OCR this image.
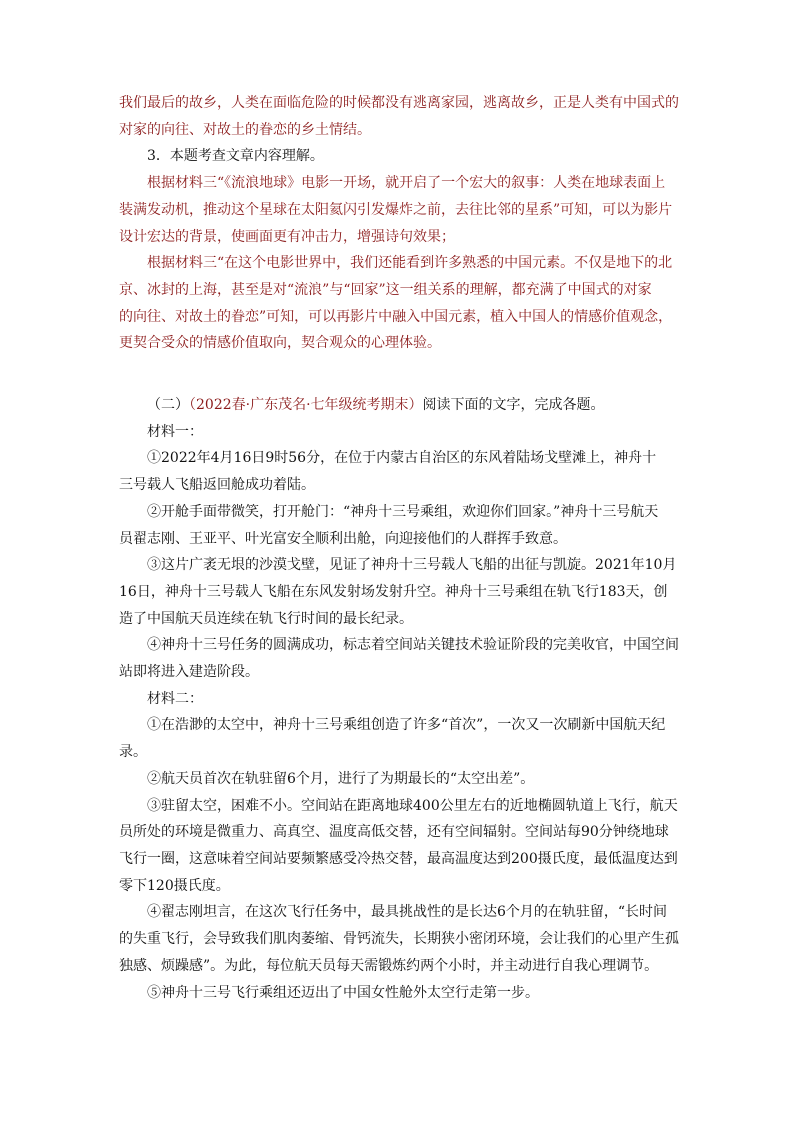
我们最后的故乡，人类在面临危险的时候都没有逃离家园，逃离故乡，正是人类有中国式的

对家的向往、对故土的眷恋的乡土情结。

3．本题考查文章内容理解。

根据材料三“《流浪地球》电影一开场，就开启了一个宏大的叙事：人类在地球表面上

装满发动机，推动这个星球在太阳氦闪引发爆炸之前，去往比邻的星系”可知，可以为影片

设计宏达的背景，使画面更有冲击力，增强诗句效果；

根据材料三“在这个电影世界中，我们还能看到许多熟悉的中国元素。不仅是地下的北

京、冰封的上海，甚至是对“流浪”与“回家”这一组关系的理解，都充满了中国式的对家

的向往、对故土的眷恋”可知，可以再影片中融入中国元素，植入中国人的情感价值观念，

更契合受众的情感价值取向，契合观众的心理体验。

（二）（2022春·广东茂名·七年级统考期末）阅读下面的文字，完成各题。

材料一：

①2022年4月16日9时56分，在位于内蒙古自治区的东风着陆场戈壁滩上，神舟十

三号载人飞船返回舱成功着陆。

②开舱手面带微笑，打开舱门：“神舟十三号乘组，欢迎你们回家。”神舟十三号航天

员翟志刚、王亚平、叶光富安全顺利出舱，向迎接他们的人群挥手致意。

③这片广袤无垠的沙漠戈壁，见证了神舟十三号载人飞船的出征与凯旋。2021年10月

16日，神舟十三号载人飞船在东风发射场发射升空。神舟十三号乘组在轨飞行183天，创

造了中国航天员连续在轨飞行时间的最长纪录。

④神舟十三号任务的圆满成功，标志着空间站关键技术验证阶段的完美收官，中国空间

站即将进入建造阶段。

材料二：

①在浩渺的太空中，神舟十三号乘组创造了许多“首次”，一次又一次刷新中国航天纪

录。

②航天员首次在轨驻留6个月，进行了为期最长的“太空出差”。

③驻留太空，困难不小。空间站在距离地球400公里左右的近地椭圆轨道上飞行，航天

员所处的环境是微重力、高真空、温度高低交替，还有空间辐射。空间站每90分钟绕地球

飞行一圈，这意味着空间站要频繁感受冷热交替，最高温度达到200摄氏度，最低温度达到

零下120摄氏度。

④翟志刚坦言，在这次飞行任务中，最具挑战性的是长达6个月的在轨驻留，“长时间

的失重飞行，会导致我们肌肉萎缩、骨钙流失，长期狭小密闭环境，会让我们的心里产生孤

独感、烦躁感”。为此，每位航天员每天需锻炼约两个小时，并主动进行自我心理调节。

⑤神舟十三号飞行乘组还迈出了中国女性舱外太空行走第一步。
